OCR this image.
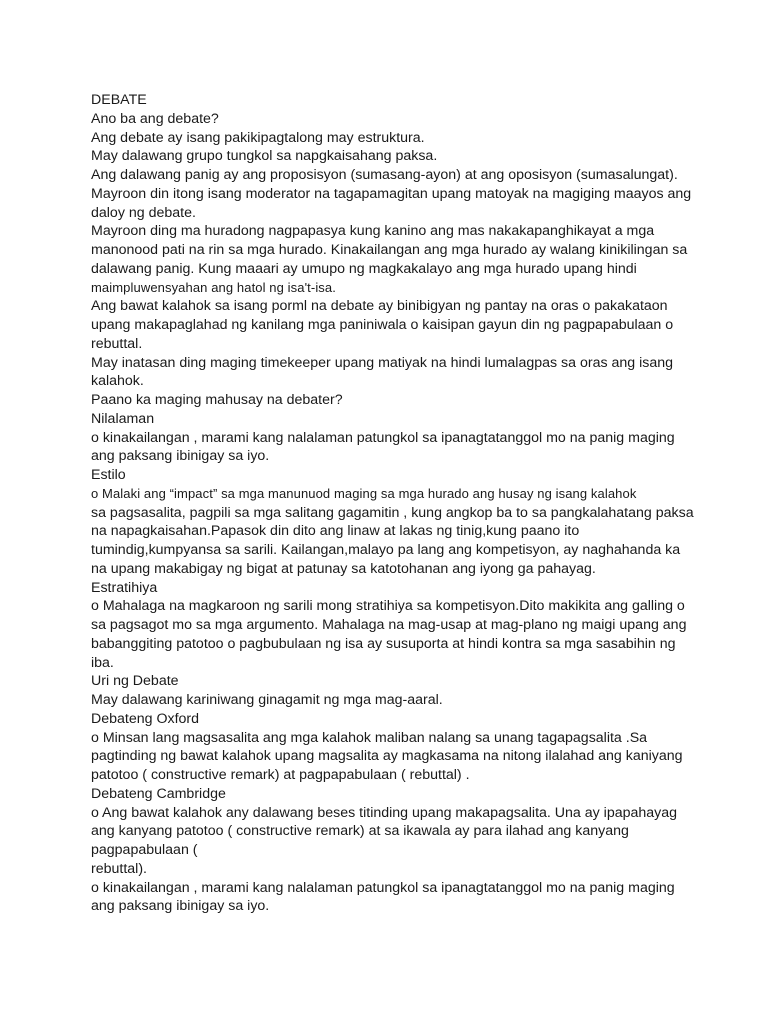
DEBATE
Ano ba ang debate?
Ang debate ay isang pakikipagtalong may estruktura.
May dalawang grupo tungkol sa napgkaisahang paksa.
Ang dalawang panig ay ang proposisyon (sumasang-ayon) at ang oposisyon (sumasalungat).
Mayroon din itong isang moderator na tagapamagitan upang matoyak na magiging maayos ang
daloy ng debate.
Mayroon ding ma huradong nagpapasya kung kanino ang mas nakakapanghikayat a mga
manonood pati na rin sa mga hurado. Kinakailangan ang mga hurado ay walang kinikilingan sa
dalawang panig. Kung maaari ay umupo ng magkakalayo ang mga hurado upang hindi
maimpluwensyahan ang hatol ng isa't-isa.
Ang bawat kalahok sa isang porml na debate ay binibigyan ng pantay na oras o pakakataon
upang makapaglahad ng kanilang mga paniniwala o kaisipan gayun din ng pagpapabulaan o
rebuttal.
May inatasan ding maging timekeeper upang matiyak na hindi lumalagpas sa oras ang isang
kalahok.
Paano ka maging mahusay na debater?
Nilalaman
o kinakailangan , marami kang nalalaman patungkol sa ipanagtatanggol mo na panig maging
ang paksang ibinigay sa iyo.
Estilo
o Malaki ang “impact” sa mga manunuod maging sa mga hurado ang husay ng isang kalahok
sa pagsasalita, pagpili sa mga salitang gagamitin , kung angkop ba to sa pangkalahatang paksa
na napagkaisahan.Papasok din dito ang linaw at lakas ng tinig,kung paano ito
tumindig,kumpyansa sa sarili. Kailangan,malayo pa lang ang kompetisyon, ay naghahanda ka
na upang makabigay ng bigat at patunay sa katotohanan ang iyong ga pahayag.
Estratihiya
o Mahalaga na magkaroon ng sarili mong stratihiya sa kompetisyon.Dito makikita ang galling o
sa pagsagot mo sa mga argumento. Mahalaga na mag-usap at mag-plano ng maigi upang ang
babanggiting patotoo o pagbubulaan ng isa ay susuporta at hindi kontra sa mga sasabihin ng
iba.
Uri ng Debate
May dalawang kariniwang ginagamit ng mga mag-aaral.
Debateng Oxford
o Minsan lang magsasalita ang mga kalahok maliban nalang sa unang tagapagsalita .Sa
pagtinding ng bawat kalahok upang magsalita ay magkasama na nitong ilalahad ang kaniyang
patotoo ( constructive remark) at pagpapabulaan ( rebuttal) .
Debateng Cambridge
o Ang bawat kalahok any dalawang beses titinding upang makapagsalita. Una ay ipapahayag
ang kanyang patotoo ( constructive remark) at sa ikawala ay para ilahad ang kanyang
pagpapabulaan (
rebuttal).
o kinakailangan , marami kang nalalaman patungkol sa ipanagtatanggol mo na panig maging
ang paksang ibinigay sa iyo.
